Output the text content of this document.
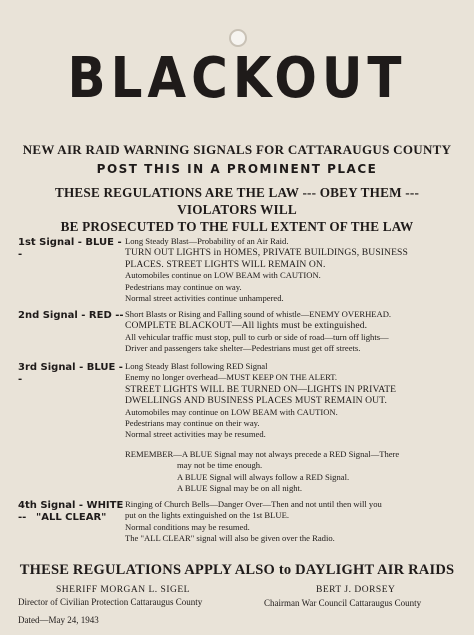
BLACKOUT
NEW AIR RAID WARNING SIGNALS FOR CATTARAUGUS COUNTY
POST THIS IN A PROMINENT PLACE
THESE REGULATIONS ARE THE LAW --- OBEY THEM --- VIOLATORS WILL
BE PROSECUTED TO THE FULL EXTENT OF THE LAW
1st Signal - BLUE --
Long Steady Blast—Probability of an Air Raid.
TURN OUT LIGHTS in HOMES, PRIVATE BUILDINGS, BUSINESS
PLACES. STREET LIGHTS WILL REMAIN ON.
Automobiles continue on LOW BEAM with CAUTION.
Pedestrians may continue on way.
Normal street activities continue unhampered.
2nd Signal - RED -- Short Blasts or Rising and Falling sound of whistle—ENEMY OVERHEAD.
COMPLETE BLACKOUT—All lights must be extinguished.
All vehicular traffic must stop, pull to curb or side of road—turn off lights—
Driver and passengers take shelter—Pedestrians must get off streets.
3rd Signal - BLUE --
Long Steady Blast following RED Signal
Enemy no longer overhead—MUST KEEP ON THE ALERT.
STREET LIGHTS WILL BE TURNED ON—LIGHTS IN PRIVATE
DWELLINGS AND BUSINESS PLACES MUST REMAIN OUT.
Automobiles may continue on LOW BEAM with CAUTION.
Pedestrians may continue on their way.
Normal street activities may be resumed.
REMEMBER—A BLUE Signal may not always precede a RED Signal—There
may not be time enough.
A BLUE Signal will always follow a RED Signal.
A BLUE Signal may be on all night.
4th Signal - WHITE -- "ALL CLEAR"
Ringing of Church Bells—Danger Over—Then and not until then will you
put on the lights extinguished on the 1st BLUE.
Normal conditions may be resumed.
The "ALL CLEAR" signal will also be given over the Radio.
THESE REGULATIONS APPLY ALSO to DAYLIGHT AIR RAIDS
SHERIFF MORGAN L. SIGEL
Director of Civilian Protection Cattaraugus County
BERT J. DORSEY
Chairman War Council Cattaraugus County
Dated—May 24, 1943
